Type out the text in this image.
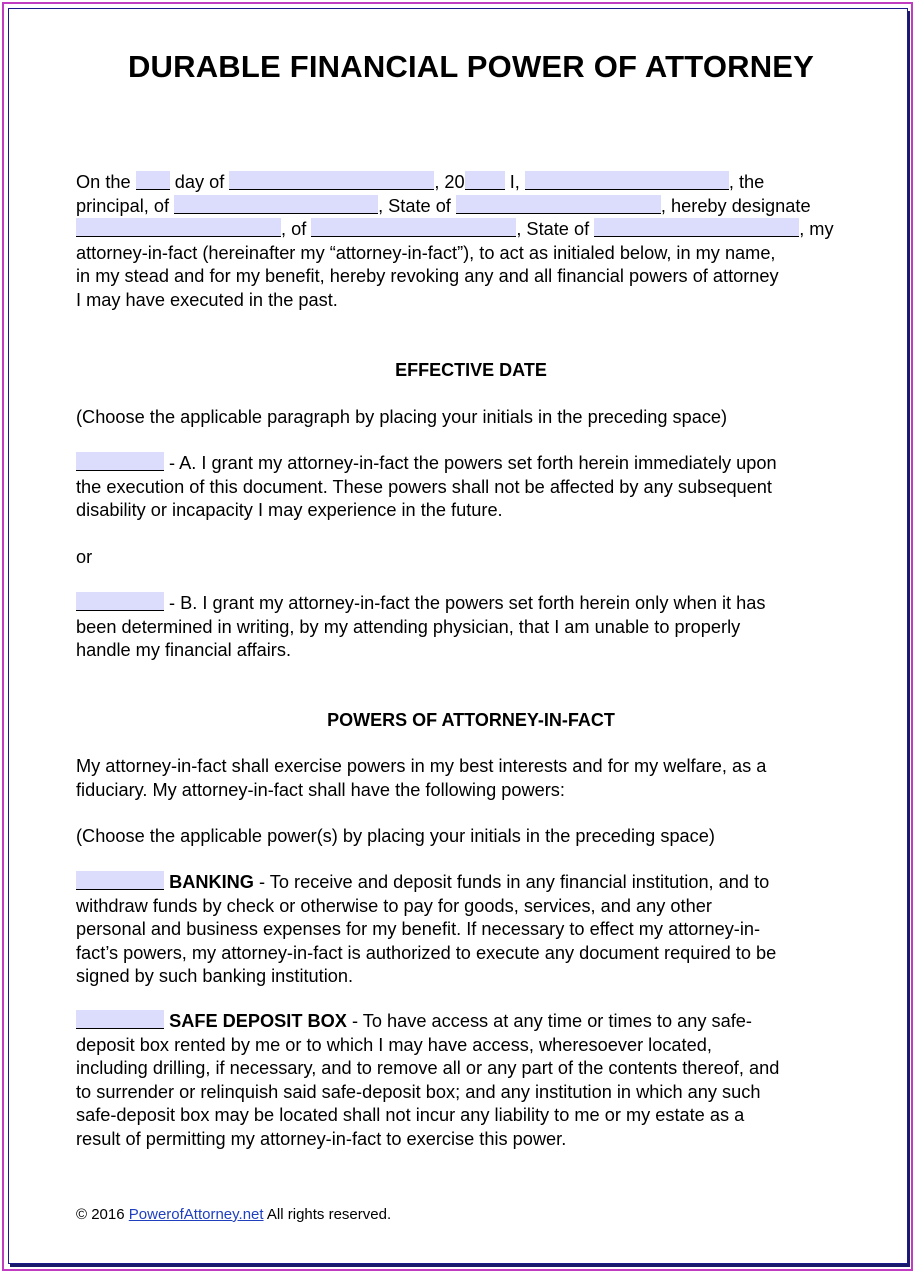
DURABLE FINANCIAL POWER OF ATTORNEY
On the  day of	, 20 I,	, the
principal, of	, State of	, hereby designate
, of	, State of	, my
attorney-in-fact (hereinafter my “attorney-in-fact”), to act as initialed below, in my name,
in my stead and for my benefit, hereby revoking any and all financial powers of attorney
I may have executed in the past.
EFFECTIVE DATE
(Choose the applicable paragraph by placing your initials in the preceding space)
- A. I grant my attorney-in-fact the powers set forth herein immediately upon
the execution of this document. These powers shall not be affected by any subsequent
disability or incapacity I may experience in the future.
or
- B. I grant my attorney-in-fact the powers set forth herein only when it has
been determined in writing, by my attending physician, that I am unable to properly
handle my financial affairs.
POWERS OF ATTORNEY-IN-FACT
My attorney-in-fact shall exercise powers in my best interests and for my welfare, as a
fiduciary. My attorney-in-fact shall have the following powers:
(Choose the applicable power(s) by placing your initials in the preceding space)
BANKING - To receive and deposit funds in any financial institution, and to
withdraw funds by check or otherwise to pay for goods, services, and any other
personal and business expenses for my benefit. If necessary to effect my attorney-in-
fact’s powers, my attorney-in-fact is authorized to execute any document required to be
signed by such banking institution.
SAFE DEPOSIT BOX - To have access at any time or times to any safe-
deposit box rented by me or to which I may have access, wheresoever located,
including drilling, if necessary, and to remove all or any part of the contents thereof, and
to surrender or relinquish said safe-deposit box; and any institution in which any such
safe-deposit box may be located shall not incur any liability to me or my estate as a
result of permitting my attorney-in-fact to exercise this power.
© 2016 PowerofAttorney.net All rights reserved.
